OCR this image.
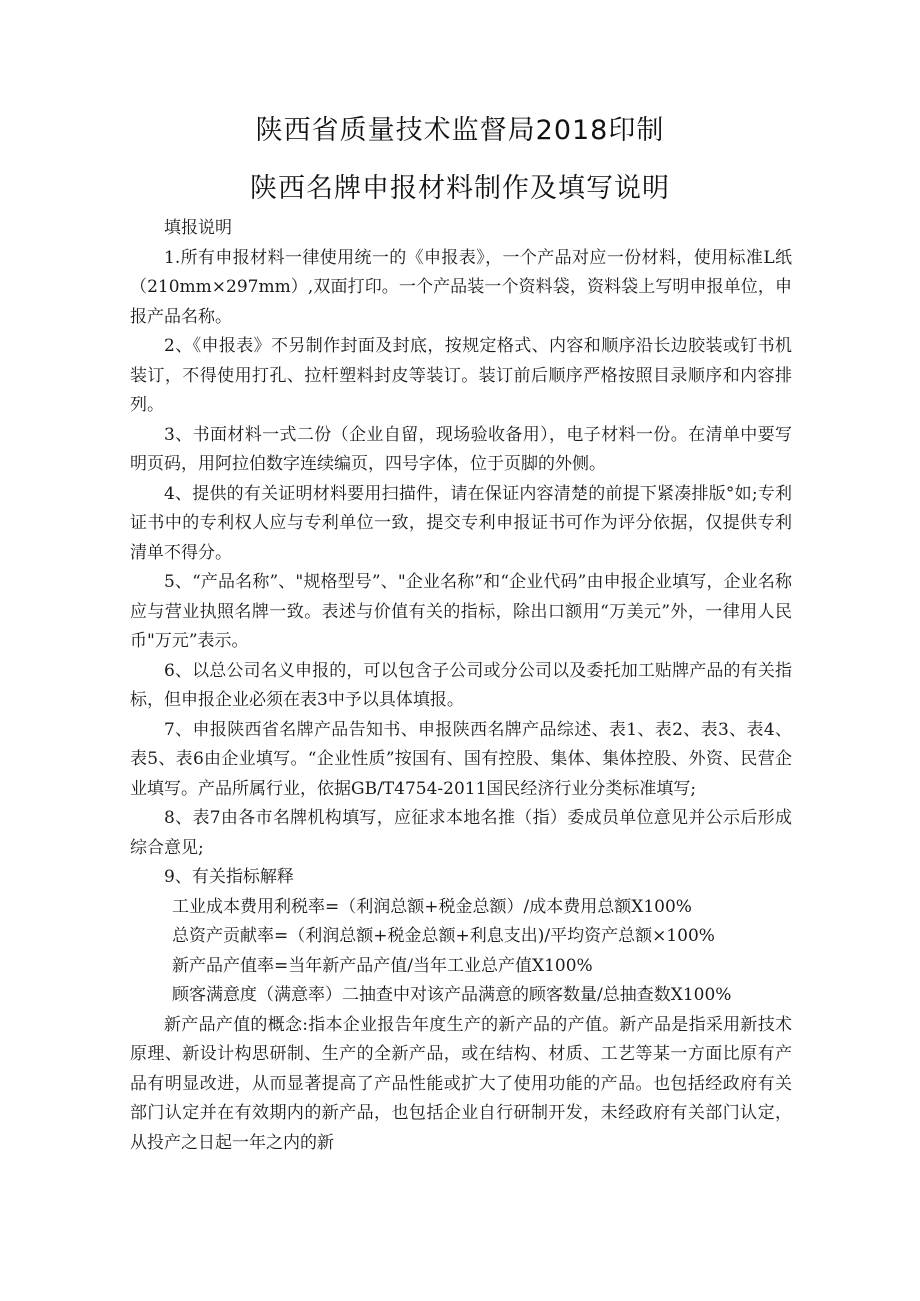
陕西省质量技术监督局2018印制
陕西名牌申报材料制作及填写说明

填报说明

1.所有申报材料一律使用统一的《申报表》，一个产品对应一份材料，使用标准L纸（210mm×297mm）,双面打印。一个产品装一个资料袋，资料袋上写明申报单位，申报产品名称。

2、《申报表》不另制作封面及封底，按规定格式、内容和顺序沿长边胶装或钉书机装订，不得使用打孔、拉杆塑料封皮等装订。装订前后顺序严格按照目录顺序和内容排列。

3、书面材料一式二份（企业自留，现场验收备用），电子材料一份。在清单中要写明页码，用阿拉伯数字连续编页，四号字体，位于页脚的外侧。

4、提供的有关证明材料要用扫描件，请在保证内容清楚的前提下紧凑排版°如;专利证书中的专利权人应与专利单位一致，提交专利申报证书可作为评分依据，仅提供专利清单不得分。

5、“产品名称”、"规格型号”、"企业名称”和“企业代码”由申报企业填写，企业名称应与营业执照名牌一致。表述与价值有关的指标，除出口额用“万美元”外，一律用人民币"万元”表示。

6、以总公司名义申报的，可以包含子公司或分公司以及委托加工贴牌产品的有关指标，但申报企业必须在表3中予以具体填报。

7、申报陕西省名牌产品告知书、申报陕西名牌产品综述、表1、表2、表3、表4、表5、表6由企业填写。“企业性质”按国有、国有控股、集体、集体控股、外资、民营企业填写。产品所属行业，依据GB/T4754-2011国民经济行业分类标准填写;

8、表7由各市名牌机构填写，应征求本地名推（指）委成员单位意见并公示后形成综合意见;

9、有关指标解释

工业成本费用利税率=（利润总额+税金总额）/成本费用总额X100%

总资产贡献率=（利润总额+税金总额+利息支出)/平均资产总额×100%

新产品产值率=当年新产品产值/当年工业总产值X100%

顾客满意度（满意率）二抽查中对该产品满意的顾客数量/总抽查数X100%

新产品产值的概念:指本企业报告年度生产的新产品的产值。新产品是指采用新技术原理、新设计构思研制、生产的全新产品，或在结构、材质、工艺等某一方面比原有产品有明显改进，从而显著提高了产品性能或扩大了使用功能的产品。也包括经政府有关部门认定并在有效期内的新产品，也包括企业自行研制开发，未经政府有关部门认定，从投产之日起一年之内的新
